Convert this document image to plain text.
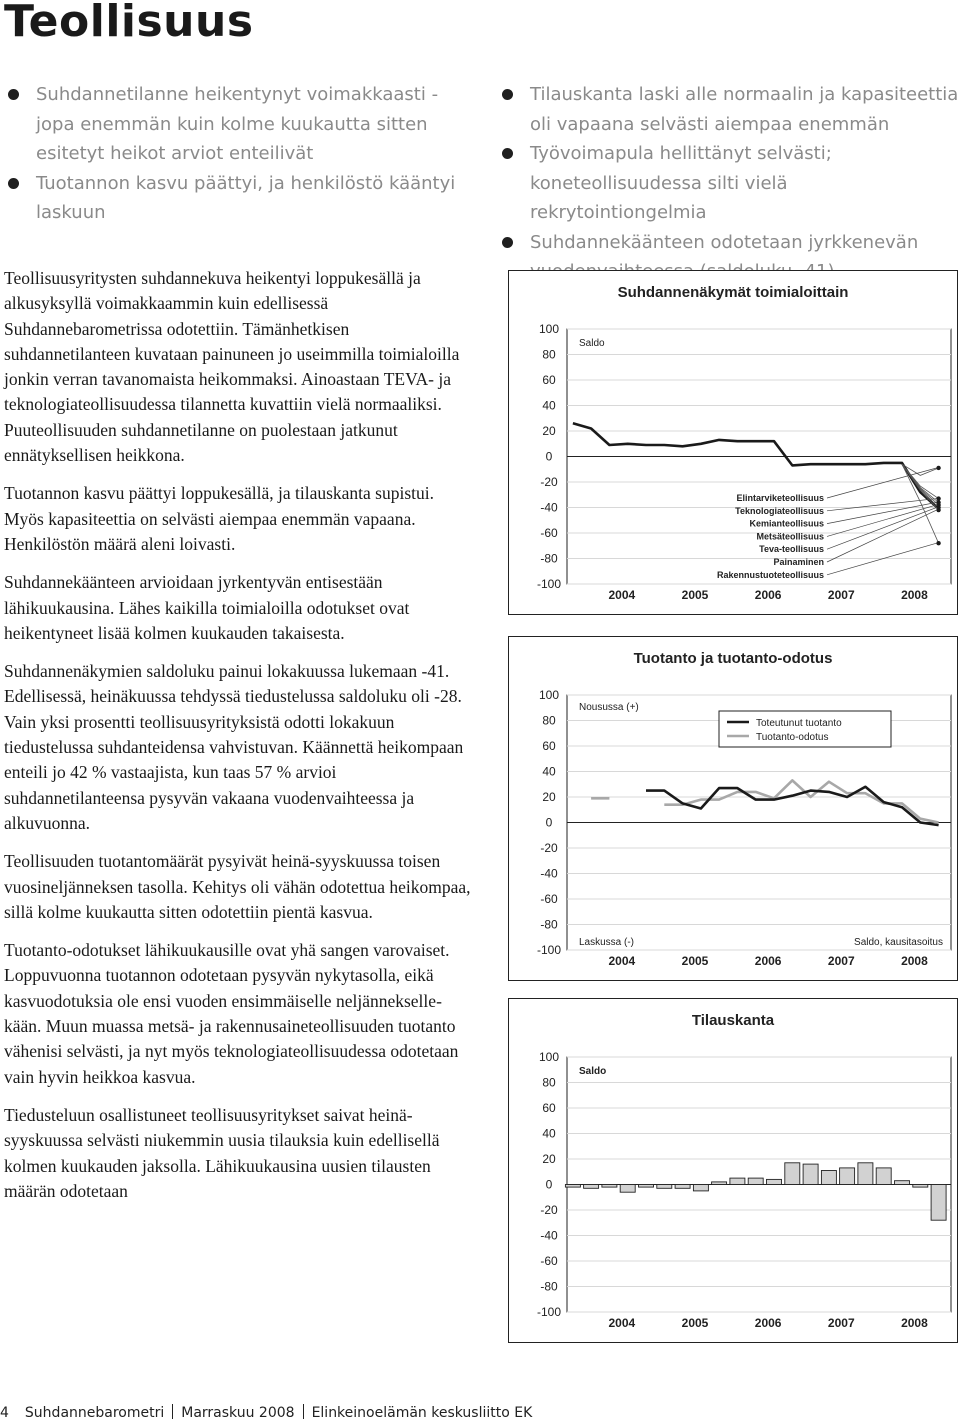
Teollisuus
Suhdannetilanne heikentynyt voimakkaasti - jopa enemmän kuin kolme kuukautta sitten esitetyt heikot arviot enteilivät
Tuotannon kasvu päättyi, ja henkilöstö kääntyi laskuun
Tilauskanta laski alle normaalin ja kapasiteettia oli vapaana selvästi aiempaa enemmän
Työvoimapula hellittänyt selvästi; koneteollisuudessa silti vielä rekrytointiongelmia
Suhdannekäänteen odotetaan jyrkkenevän

Teollisuusyritysten suhdannekuva heikentyi loppukesällä ja alkusyksyllä voimakkaammin kuin edellisessä Suhdannebarometrissa odotettiin. Tämänhetkisen suhdannetilanteen kuvataan painuneen jo useimmilla toimialoilla jonkin verran tavanomaista heikommaksi. Ainoastaan TEVA- ja teknologiateollisuudessa tilannetta kuvattiin vielä normaaliksi. Puuteollisuuden suhdannetilanne on puolestaan jatkunut ennätyksellisen heikkona.

Tuotannon kasvu päättyi loppukesällä, ja tilauskanta supistui. Myös kapasiteettia on selvästi aiempaa enemmän vapaana. Henkilöstön määrä aleni loivasti.

Suhdannekäänteen arvioidaan jyrkentyvän entisestään lähikuukausina. Lähes kaikilla toimialoilla odotukset ovat heikentyneet lisää kolmen kuukauden takaisesta.

Suhdannenäkymien saldoluku painui lokakuussa lukemaan -41. Edellisessä, heinäkuussa tehdyssä tiedustelussa saldoluku oli -28. Vain yksi prosentti teollisuusyrityksistä odotti lokakuun tiedustelussa suhdanteidensa vahvistuvan. Käännettä heikompaan enteili jo 42 % vastaajista, kun taas 57 % arvioi suhdannetilanteensa pysyvän vakaana vuodenvaihteessa ja alkuvuonna.

Teollisuuden tuotantomäärät pysyivät heinä-syyskuussa toisen vuosineljänneksen tasolla. Kehitys oli vähän odotettua heikompaa, sillä kolme kuukautta sitten odotettiin pientä kasvua.

Tuotanto-odotukset lähikuukausille ovat yhä sangen varovaiset. Loppuvuonna tuotannon odotetaan pysyvän nykytasolla, eikä kasvuodotuksia ole ensi vuoden ensimmäiselle neljänneksellekään. Muun muassa metsä- ja rakennusaineteollisuuden tuotanto vähenisi selvästi, ja nyt myös teknologiateollisuudessa odotetaan vain hyvin heikkoa kasvua.

Tiedusteluun osallistuneet teollisuusyritykset saivat heinä-syyskuussa selvästi niukemmin uusia tilauksia kuin edellisellä kolmen kuukauden jaksolla. Lähikuukausina uusien tilausten määrän odotetaan

Suhdannenäkymät toimialoittain
100
80
60
40
20
0
-20
-40
-60
-80
-100
2004	2005	2006	2007	2008
Saldo
Elintarviketeollisuus
Teknologiateollisuus
Kemianteollisuus
Metsäteollisuus
Teva-teollisuus
Painaminen
Rakennustuoteteollisuus
Tuotanto ja tuotanto-odotus
100
80
60
40
20
0
-20
-40
-60
-80
-100
2004	2005	2006	2007	2008
Nousussa (+)
Laskussa (-)	Saldo, kausitasoitus
Toteutunut tuotanto
Tuotanto-odotus
Tilauskanta
100
80
60
40
20
0
-20
-40
-60
-80
-100
2004	2005	2006	2007	2008
Saldo
4 Suhdannebarometri Marraskuu 2008 Elinkeinoelämän keskusliitto EK
